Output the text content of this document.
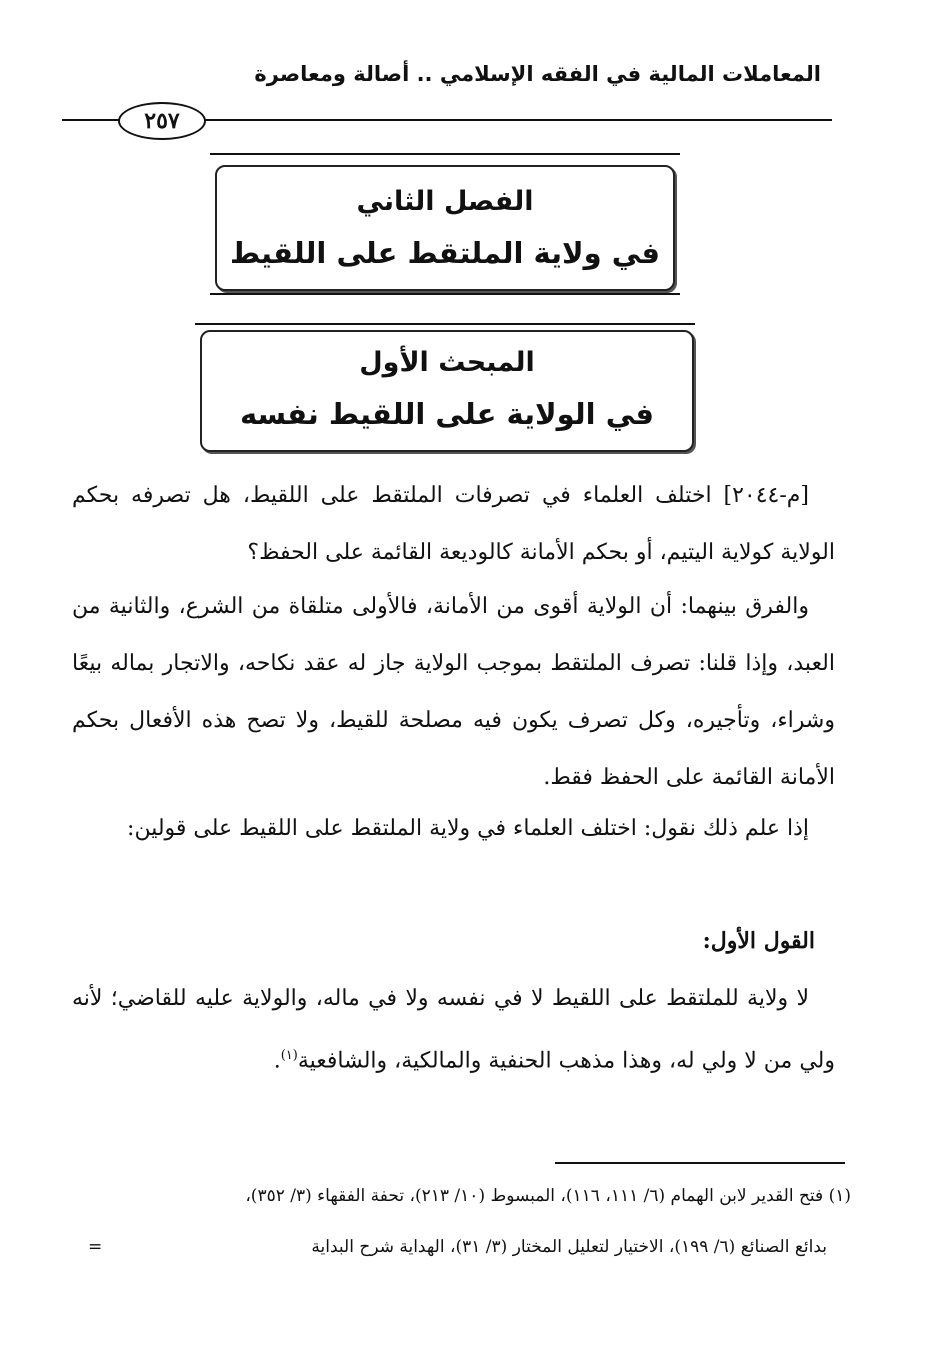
المعاملات المالية في الفقه الإسلامي .. أصالة ومعاصرة
٢٥٧
الفصل الثاني
في ولاية الملتقط على اللقيط
المبحث الأول
في الولاية على اللقيط نفسه
[م-٢٠٤٤] اختلف العلماء في تصرفات الملتقط على اللقيط، هل تصرفه بحكم الولاية كولاية اليتيم، أو بحكم الأمانة كالوديعة القائمة على الحفظ؟
والفرق بينهما: أن الولاية أقوى من الأمانة، فالأولى متلقاة من الشرع، والثانية من العبد، وإذا قلنا: تصرف الملتقط بموجب الولاية جاز له عقد نكاحه، والاتجار بماله بيعًا وشراء، وتأجيره، وكل تصرف يكون فيه مصلحة للقيط، ولا تصح هذه الأفعال بحكم الأمانة القائمة على الحفظ فقط.
إذا علم ذلك نقول: اختلف العلماء في ولاية الملتقط على اللقيط على قولين:
القول الأول:
لا ولاية للملتقط على اللقيط لا في نفسه ولا في ماله، والولاية عليه للقاضي؛ لأنه ولي من لا ولي له، وهذا مذهب الحنفية والمالكية، والشافعية$^{(١)}$.
(١) فتح القدير لابن الهمام (٦/ ١١١، ١١٦)، المبسوط (١٠/ ٢١٣)، تحفة الفقهاء (٣/ ٣٥٢)،
بدائع الصنائع (٦/ ١٩٩)، الاختيار لتعليل المختار (٣/ ٣١)، الهداية شرح البداية
=
